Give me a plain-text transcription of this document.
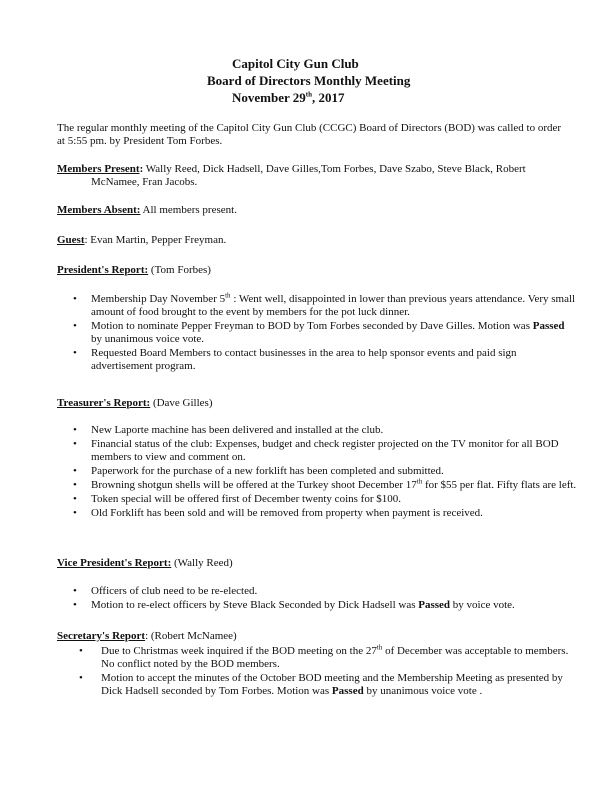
Capitol City Gun Club
Board of Directors Monthly Meeting
November 29th, 2017
The regular monthly meeting of the Capitol City Gun Club (CCGC) Board of Directors (BOD) was called to order at 5:55 pm. by President Tom Forbes.
Members Present: Wally Reed, Dick Hadsell, Dave Gilles,Tom Forbes, Dave Szabo, Steve Black, Robert McNamee, Fran Jacobs.
Members Absent: All members present.
Guest: Evan Martin, Pepper Freyman.
President's Report: (Tom Forbes)
• Membership Day November 5th : Went well, disappointed in lower than previous years attendance. Very small amount of food brought to the event by members for the pot luck dinner.
• Motion to nominate Pepper Freyman to BOD by Tom Forbes seconded by Dave Gilles. Motion was Passed by unanimous voice vote.
• Requested Board Members to contact businesses in the area to help sponsor events and paid sign advertisement program.
Treasurer's Report: (Dave Gilles)
• New Laporte machine has been delivered and installed at the club.
• Financial status of the club: Expenses, budget and check register projected on the TV monitor for all BOD members to view and comment on.
• Paperwork for the purchase of a new forklift has been completed and submitted.
• Browning shotgun shells will be offered at the Turkey shoot December 17th for $55 per flat. Fifty flats are left.
• Token special will be offered first of December twenty coins for $100.
• Old Forklift has been sold and will be removed from property when payment is received.
Vice President's Report: (Wally Reed)
• Officers of club need to be re-elected.
• Motion to re-elect officers by Steve Black Seconded by Dick Hadsell was Passed by voice vote.
Secretary's Report: (Robert McNamee)
• Due to Christmas week inquired if the BOD meeting on the 27th of December was acceptable to members. No conflict noted by the BOD members.
• Motion to accept the minutes of the October BOD meeting and the Membership Meeting as presented by Dick Hadsell seconded by Tom Forbes. Motion was Passed by unanimous voice vote .
